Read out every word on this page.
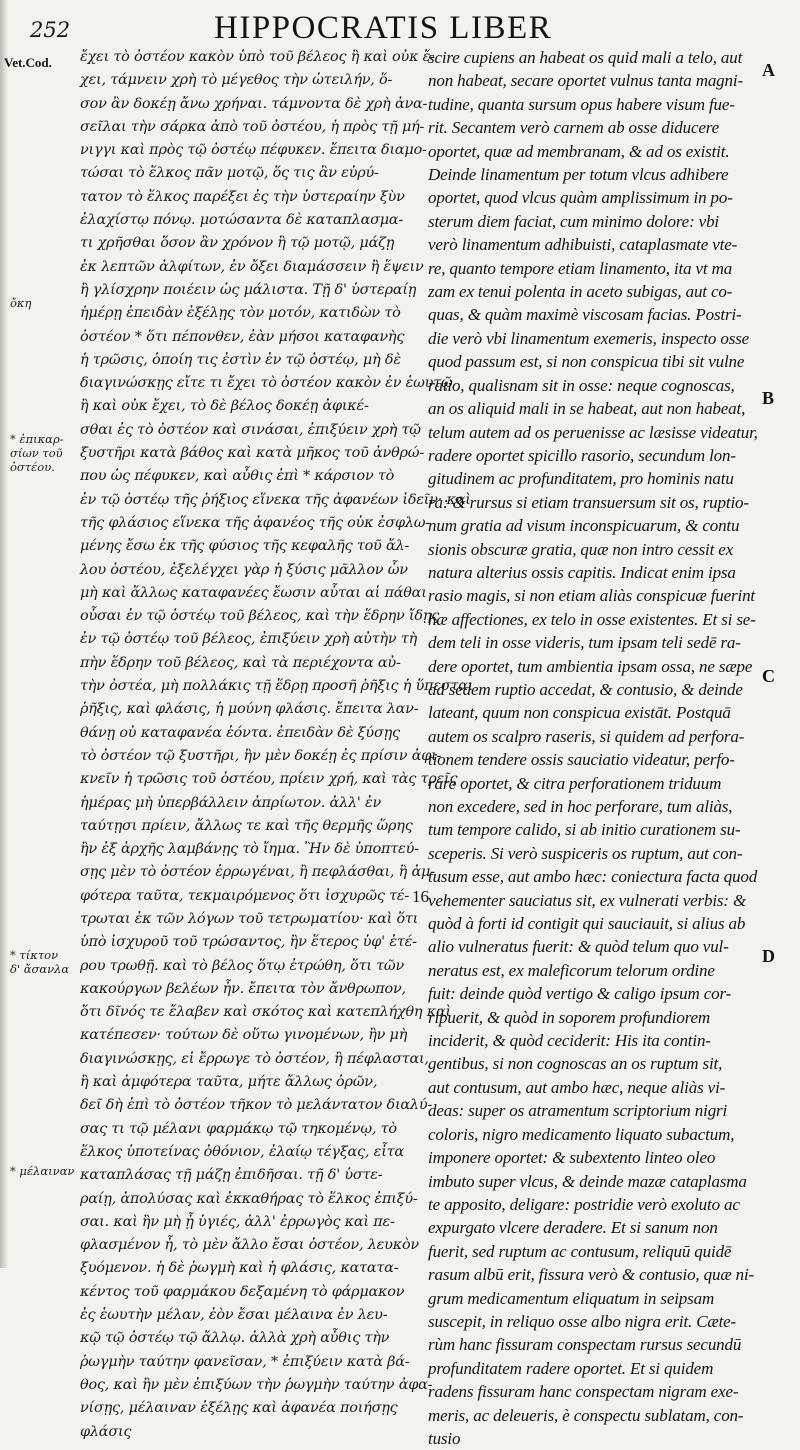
252	HIPPOCRATIS LIBER
Vet.Cod. ἔχει τὸ ὀστέον κακὸν ὑπὸ τοῦ βέλεος ἢ καὶ οὐκ ἔ-
χει, τάμνειν χρὴ τὸ μέγεθος τὴν ὠτειλήν, ὅ-
σον ἂν δοκέῃ ἄνω χρήναι. τάμνοντα δὲ χρὴ ἀνα-
σεῖλαι τὴν σάρκα ἀπὸ τοῦ ὀστέου, ἡ πρὸς τῇ μή-
νιγγι καὶ πρὸς τῷ ὀστέῳ πέφυκεν. ἔπειτα διαμο-
τώσαι τὸ ἕλκος πᾶν μοτῷ, ὅς τις ἂν εὐρύ-
τατον τὸ ἕλκος παρέξει ἐς τὴν ὑστεραίην ξὺν
ἐλαχίστῳ πόνῳ. μοτώσαντα δὲ καταπλασμα-
τι χρῆσθαι ὅσον ἂν χρόνον ἢ τῷ μοτῷ, μάζῃ
ἐκ λεπτῶν ἀλφίτων, ἐν ὄξει διαμάσσειν ἢ ἕψειν
ἢ γλίσχρην ποιέειν ὡς μάλιστα. Τῇ δ' ὑστεραίῃ
ἡμέρῃ ἐπειδὰν ἐξέλῃς τὸν μοτόν, κατιδὼν τὸ
ὀστέον * ὅτι πέπονθεν, ἐὰν μήσοι καταφανὴς
ἡ τρῶσις, ὁποίη τις ἐστὶν ἐν τῷ ὀστέῳ, μὴ δὲ
διαγινώσκῃς εἴτε τι ἔχει τὸ ὀστέον κακὸν ἐν ἑωυτῷ
ἢ καὶ οὐκ ἔχει, τὸ δὲ βέλος δοκέῃ ἀφικέ-
σθαι ἐς τὸ ὀστέον καὶ σινάσαι, ἐπιξύειν χρὴ τῷ
ξυστῆρι κατὰ βάθος καὶ κατὰ μῆκος τοῦ ἀνθρώ-
που ὡς πέφυκεν, καὶ αὖθις ἐπὶ * κάρσιον τὸ
ἐν τῷ ὀστέῳ τῆς ῥήξιος εἵνεκα τῆς ἀφανέων ἰδεῖν· καὶ
τῆς φλάσιος εἵνεκα τῆς ἀφανέος τῆς οὐκ ἐσφλω-
μένης ἔσω ἐκ τῆς φύσιος τῆς κεφαλῆς τοῦ ἄλ-
λου ὀστέου, ἐξελέγχει γὰρ ἡ ξύσις μᾶλλον ὧν
μὴ καὶ ἄλλως καταφανέες ἔωσιν αὗται αἱ πάθαι
οὖσαι ἐν τῷ ὀστέῳ τοῦ βέλεος, καὶ τὴν ἕδρην ἴδῃς
ἐν τῷ ὀστέῳ τοῦ βέλεος, ἐπιξύειν χρὴ αὐτὴν τὴ
πὴν ἕδρην τοῦ βέλεος, καὶ τὰ περιέχοντα αὐ-
τὴν ὀστέα, μὴ πολλάκις τῇ ἕδρῃ προσῆ ῥῆξις ἡ ὕπεσται
ῥῆξις, καὶ φλάσις, ἡ μούνη φλάσις. ἔπειτα λαν-
θάνῃ οὐ καταφανέα ἐόντα. ἐπειδὰν δὲ ξύσῃς
τὸ ὀστέον τῷ ξυστῆρι, ἢν μὲν δοκέῃ ἐς πρίσιν ἀφι-
κνεῖν ἡ τρῶσις τοῦ ὀστέου, πρίειν χρή, καὶ τὰς τρεῖς
ἡμέρας μὴ ὑπερβάλλειν ἀπρίωτον. ἀλλ' ἐν
ταύτῃσι πρίειν, ἄλλως τε καὶ τῆς θερμῆς ὥρης
ἢν ἐξ ἀρχῆς λαμβάνῃς τὸ ἴημα. Ἢν δὲ ὑποπτεύ-
σῃς μὲν τὸ ὀστέον ἐρρωγέναι, ἢ πεφλάσθαι, ἢ ἀμ-
φότερα ταῦτα, τεκμαιρόμενος ὅτι ἰσχυρῶς τέ-
τρωται ἐκ τῶν λόγων τοῦ τετρωματίου· καὶ ὅτι
ὑπὸ ἰσχυροῦ τοῦ τρώσαντος, ἢν ἕτερος ὑφ' ἑτέ-
ρου τρωθῇ. καὶ τὸ βέλος ὅτῳ ἐτρώθη, ὅτι τῶν
κακούργων βελέων ἦν. ἔπειτα τὸν ἄνθρωπον,
ὅτι δῖνός τε ἔλαβεν καὶ σκότος καὶ κατεπλήχθη καὶ
κατέπεσεν· τούτων δὲ οὕτω γινομένων, ἢν μὴ
διαγινώσκῃς, εἰ ἔρρωγε τὸ ὀστέον, ἢ πέφλασται,
ἢ καὶ ἀμφότερα ταῦτα, μήτε ἄλλως ὁρῶν,
δεῖ δὴ ἐπὶ τὸ ὀστέον τῆκον τὸ μελάντατον διαλύ-
σας τι τῷ μέλανι φαρμάκῳ τῷ τηκομένῳ, τὸ
ἕλκος ὑποτείνας ὀθόνιον, ἐλαίῳ τέγξας, εἶτα
καταπλάσας τῇ μάζῃ ἐπιδῆσαι. τῇ δ' ὑστε-
ραίῃ, ἀπολύσας καὶ ἐκκαθήρας τὸ ἕλκος ἐπιξύ-
σαι. καὶ ἢν μὴ ᾖ ὑγιές, ἀλλ' ἐρρωγὸς καὶ πε-
φλασμένον ἦ, τὸ μὲν ἄλλο ἔσαι ὀστέον, λευκὸν
ξυόμενον. ἡ δὲ ῥωγμὴ καὶ ἡ φλάσις, κατατα-
κέντος τοῦ φαρμάκου δεξαμένη τὸ φάρμακον
ἐς ἑωυτὴν μέλαν, ἐὸν ἔσαι μέλαινα ἐν λευ-
κῷ τῷ ὀστέῳ τῷ ἄλλῳ. ἀλλὰ χρὴ αὖθις τὴν
ῥωγμὴν ταύτην φανεῖσαν, * ἐπιξύειν κατὰ βά-
θος, καὶ ἢν μὲν ἐπιξύων τὴν ῥωγμὴν ταύτην ἀφα-
νίσῃς, μέλαιναν ἐξέλῃς καὶ ἀφανέα ποιήσῃς
φλάσις
scire cupiens an habeat os quid mali a telo, aut
non habeat, secare oportet vulnus tanta magni-
tudine, quanta sursum opus habere visum fue-
rit. Secantem verò carnem ab osse diducere
oportet, quæ ad membranam, & ad os existit.
Deinde linamentum per totum vlcus adhibere
oportet, quod vlcus quàm amplissimum in po-
sterum diem faciat, cum minimo dolore: vbi
verò linamentum adhibuisti, cataplasmate vte-
re, quanto tempore etiam linamento, ita vt ma
zam ex tenui polenta in aceto subigas, aut co-
quas, & quàm maximè viscosam facias. Postri-
die verò vbi linamentum exemeris, inspecto osse
quod passum est, si non conspicua tibi sit vulne
ratio, qualisnam sit in osse: neque cognoscas,
an os aliquid mali in se habeat, aut non habeat,
telum autem ad os peruenisse ac læsisse videatur,
radere oportet spicillo rasorio, secundum lon-
gitudinem ac profunditatem, pro hominis natu
ra: & rursus si etiam transuersum sit os, ruptio-
num gratia ad visum inconspicuarum, & contu
sionis obscuræ gratia, quæ non intro cessit ex
natura alterius ossis capitis. Indicat enim ipsa
rasio magis, si non etiam aliàs conspicuæ fuerint
hæ affectiones, ex telo in osse existentes. Et si se-
dem teli in osse videris, tum ipsam teli sedē ra-
dere oportet, tum ambientia ipsam ossa, ne sæpe
ad sedem ruptio accedat, & contusio, & deinde
lateant, quum non conspicua existāt. Postquā
autem os scalpro raseris, si quidem ad perfora-
tionem tendere ossis sauciatio videatur, perfo-
rare oportet, & citra perforationem triduum
non excedere, sed in hoc perforare, tum aliàs,
tum tempore calido, si ab initio curationem su-
sceperis. Si verò suspiceris os ruptum, aut con-
tusum esse, aut ambo hæc: coniectura facta quod
vehementer sauciatus sit, ex vulnerati verbis: &
quòd à forti id contigit qui sauciauit, si alius ab
alio vulneratus fuerit: & quòd telum quo vul-
neratus est, ex maleficorum telorum ordine
fuit: deinde quòd vertigo & caligo ipsum cor-
ripuerit, & quòd in soporem profundiorem
inciderit, & quòd ceciderit: His ita contin-
gentibus, si non cognoscas an os ruptum sit,
aut contusum, aut ambo hæc, neque aliàs vi-
deas: super os atramentum scriptorium nigri
coloris, nigro medicamento liquato subactum,
imponere oportet: & subextento linteo oleo
imbuto super vlcus, & deinde mazæ cataplasma
te apposito, deligare: postridie verò exoluto ac
expurgato vlcere deradere. Et si sanum non
fuerit, sed ruptum ac contusum, reliquū quidē
rasum albū erit, fissura verò & contusio, quæ ni-
grum medicamentum eliquatum in seipsam
suscepit, in reliquo osse albo nigra erit. Cæte-
rùm hanc fissuram conspectam rursus secundū
profunditatem radere oportet. Et si quidem
radens fissuram hanc conspectam nigram exe-
meris, ac deleueris, è conspectu sublatam, con-
tusio
ὄκη
* ἐπικαρ-
σίων τοῦ
ὀστέου.
* τίκτον
δ' ἄσανλα
* μέλαιναν
A
B
C
D
16
